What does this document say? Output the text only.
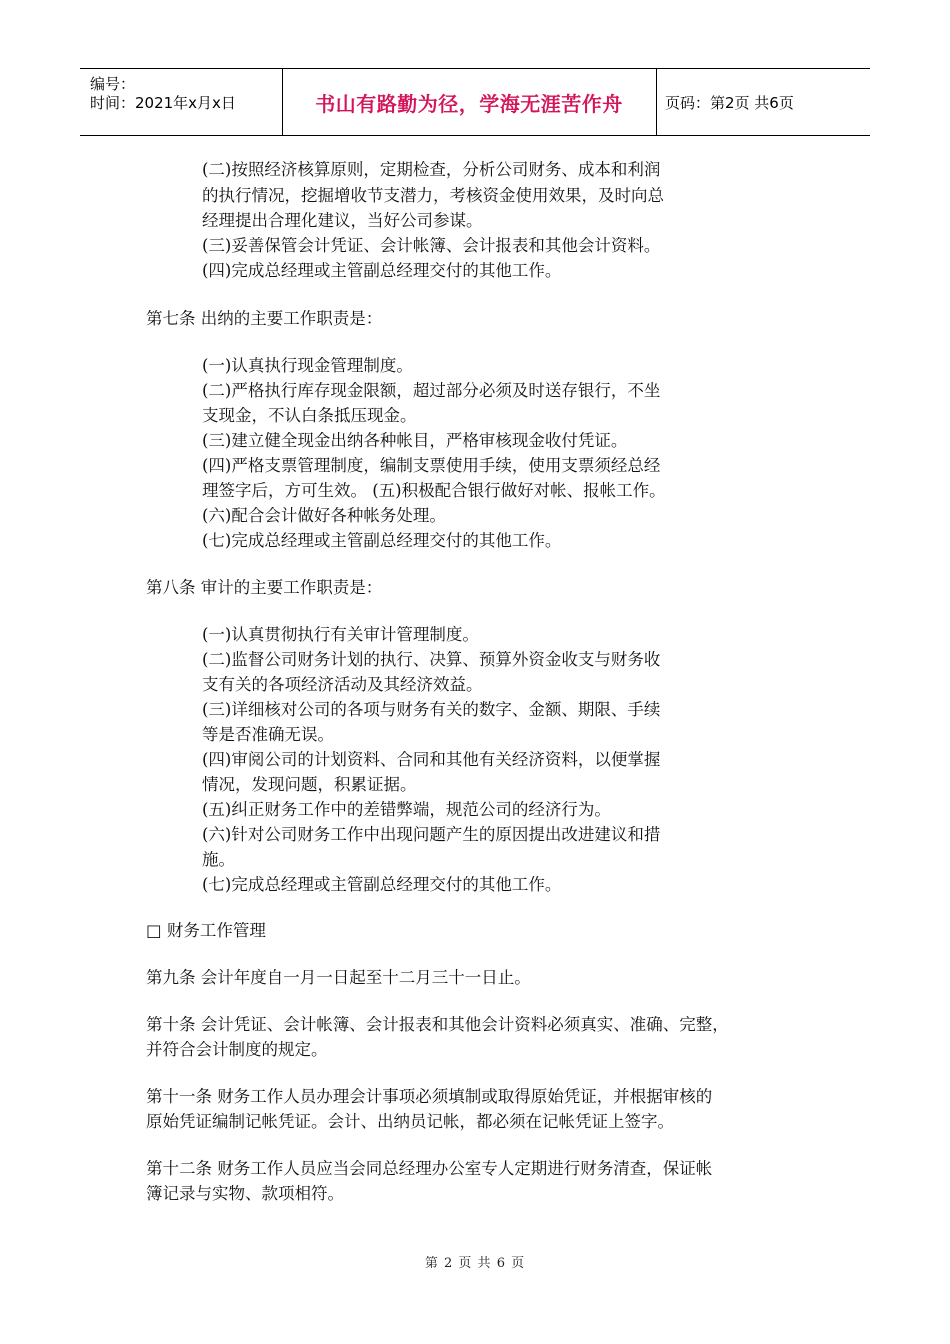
编号：
时间：2021年x月x日	书山有路勤为径，学海无涯苦作舟	页码：第2页 共6页
(二)按照经济核算原则，定期检查，分析公司财务、成本和利润
的执行情况，挖掘增收节支潜力，考核资金使用效果，及时向总
经理提出合理化建议，当好公司参谋。
(三)妥善保管会计凭证、会计帐簿、会计报表和其他会计资料。
(四)完成总经理或主管副总经理交付的其他工作。
第七条 出纳的主要工作职责是：
(一)认真执行现金管理制度。
(二)严格执行库存现金限额，超过部分必须及时送存银行，不坐
支现金，不认白条抵压现金。
(三)建立健全现金出纳各种帐目，严格审核现金收付凭证。
(四)严格支票管理制度，编制支票使用手续，使用支票须经总经
理签字后，方可生效。 (五)积极配合银行做好对帐、报帐工作。
(六)配合会计做好各种帐务处理。
(七)完成总经理或主管副总经理交付的其他工作。
第八条 审计的主要工作职责是：
(一)认真贯彻执行有关审计管理制度。
(二)监督公司财务计划的执行、决算、预算外资金收支与财务收
支有关的各项经济活动及其经济效益。
(三)详细核对公司的各项与财务有关的数字、金额、期限、手续
等是否准确无误。
(四)审阅公司的计划资料、合同和其他有关经济资料，以便掌握
情况，发现问题，积累证据。
(五)纠正财务工作中的差错弊端，规范公司的经济行为。
(六)针对公司财务工作中出现问题产生的原因提出改进建议和措
施。
(七)完成总经理或主管副总经理交付的其他工作。
□ 财务工作管理
第九条 会计年度自一月一日起至十二月三十一日止。
第十条 会计凭证、会计帐簿、会计报表和其他会计资料必须真实、准确、完整，
并符合会计制度的规定。
第十一条 财务工作人员办理会计事项必须填制或取得原始凭证，并根据审核的
原始凭证编制记帐凭证。会计、出纳员记帐，都必须在记帐凭证上签字。
第十二条 财务工作人员应当会同总经理办公室专人定期进行财务清查，保证帐
簿记录与实物、款项相符。
第 2 页 共 6 页
